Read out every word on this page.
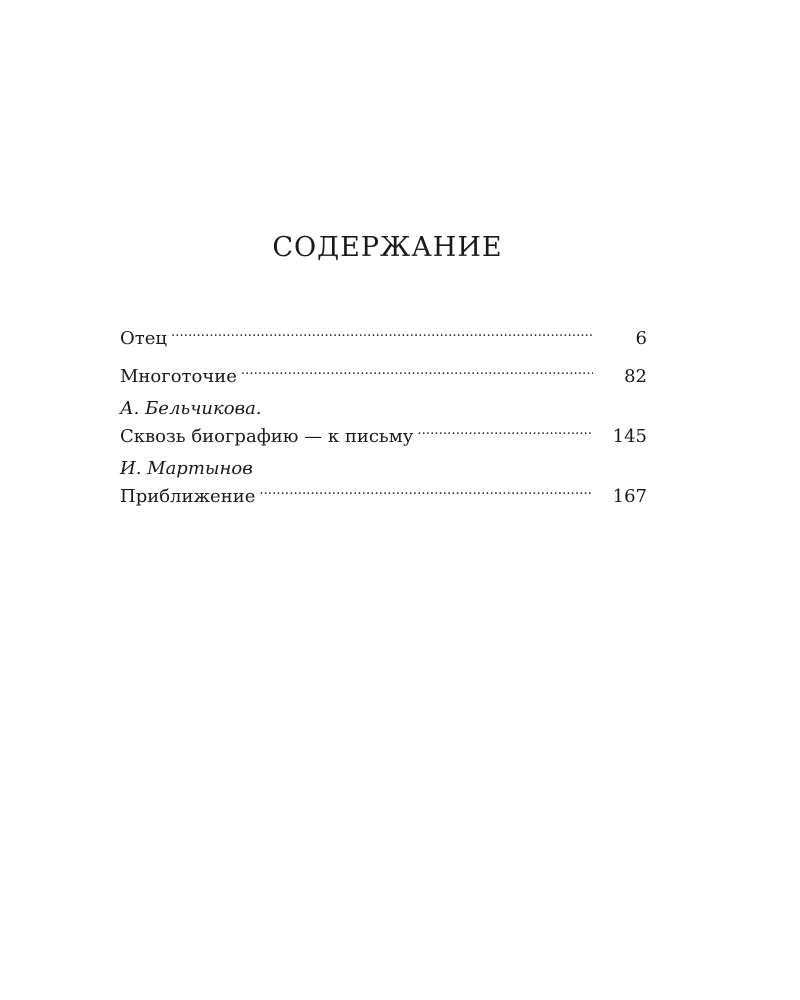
СОДЕРЖАНИЕ
Отец . . .	6
Многоточие . . .	82
А. Бельчикова.
Сквозь биографию — к письму . . .	145
И. Мартынов
Приближение . . .	167
